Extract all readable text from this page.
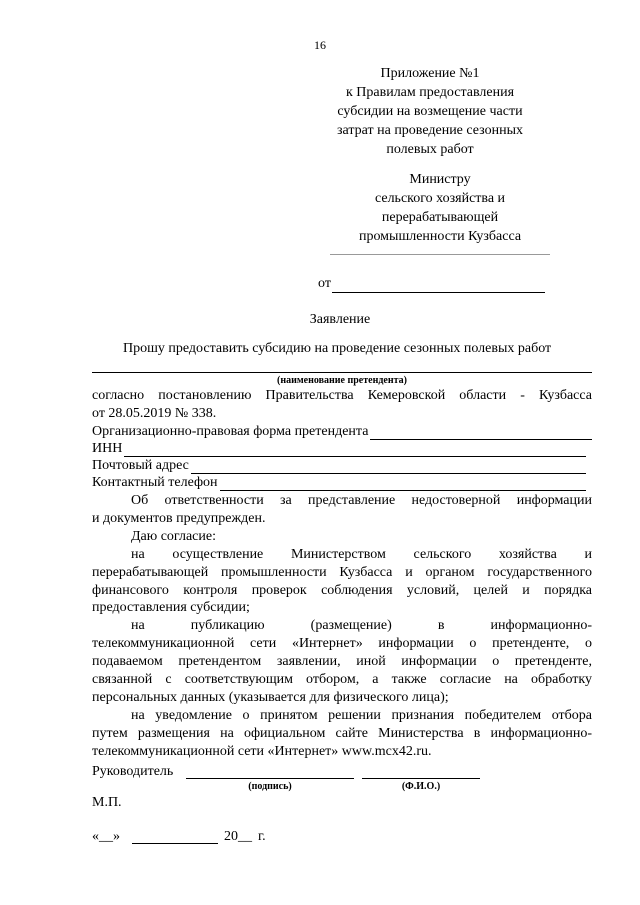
16
Приложение №1
к Правилам предоставления
субсидии на возмещение части
затрат на проведение сезонных
полевых работ
Министру
сельского хозяйства и
перерабатывающей
промышленности Кузбасса
от
Заявление
Прошу предоставить субсидию на проведение сезонных полевых работ
(наименование претендента)
согласно постановлению Правительства Кемеровской области - Кузбасса
от 28.05.2019 № 338.
Организационно-правовая форма претендента
ИНН
Почтовый адрес
Контактный телефон
Об ответственности за представление недостоверной информации
и документов предупрежден.
Даю согласие:
на осуществление Министерством сельского хозяйства и
перерабатывающей промышленности Кузбасса и органом государственного
финансового контроля проверок соблюдения условий, целей и порядка
предоставления субсидии;
на публикацию (размещение) в информационно-
телекоммуникационной сети «Интернет» информации о претенденте, о
подаваемом претендентом заявлении, иной информации о претенденте,
связанной с соответствующим отбором, а также согласие на обработку
персональных данных (указывается для физического лица);
на уведомление о принятом решении признания победителем отбора
путем размещения на официальном сайте Министерства в информационно-
телекоммуникационной сети «Интернет» www.mcx42.ru.
Руководитель
(подпись)	(Ф.И.О.)
М.П.
«__»	20__ г.
